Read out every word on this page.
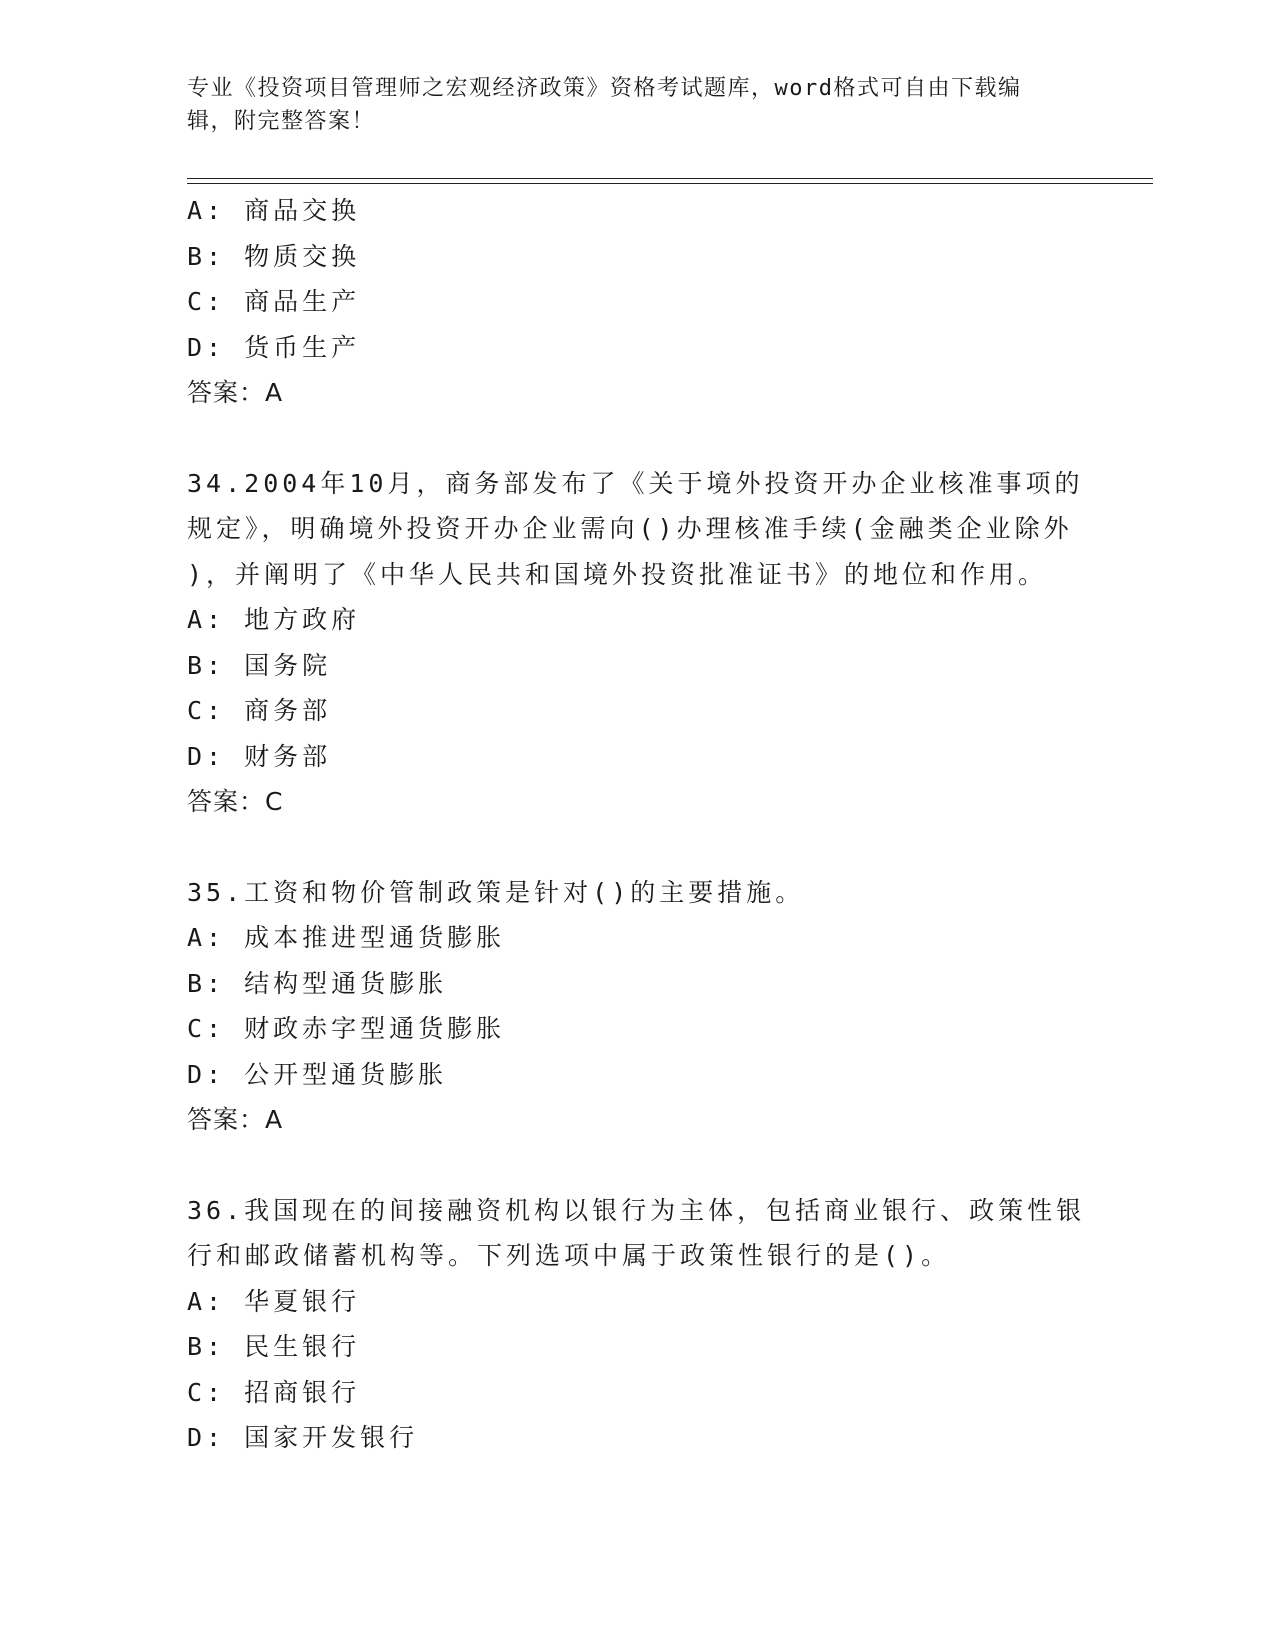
专业《投资项目管理师之宏观经济政策》资格考试题库，word格式可自由下载编
辑，附完整答案！
A: 商品交换
B: 物质交换
C: 商品生产
D: 货币生产
答案：A
34.2004年10月，商务部发布了《关于境外投资开办企业核准事项的
规定》，明确境外投资开办企业需向()办理核准手续(金融类企业除外
)，并阐明了《中华人民共和国境外投资批准证书》的地位和作用。
A: 地方政府
B: 国务院
C: 商务部
D: 财务部
答案：C
35.工资和物价管制政策是针对()的主要措施。
A: 成本推进型通货膨胀
B: 结构型通货膨胀
C: 财政赤字型通货膨胀
D: 公开型通货膨胀
答案：A
36.我国现在的间接融资机构以银行为主体，包括商业银行、政策性银
行和邮政储蓄机构等。下列选项中属于政策性银行的是()。
A: 华夏银行
B: 民生银行
C: 招商银行
D: 国家开发银行
